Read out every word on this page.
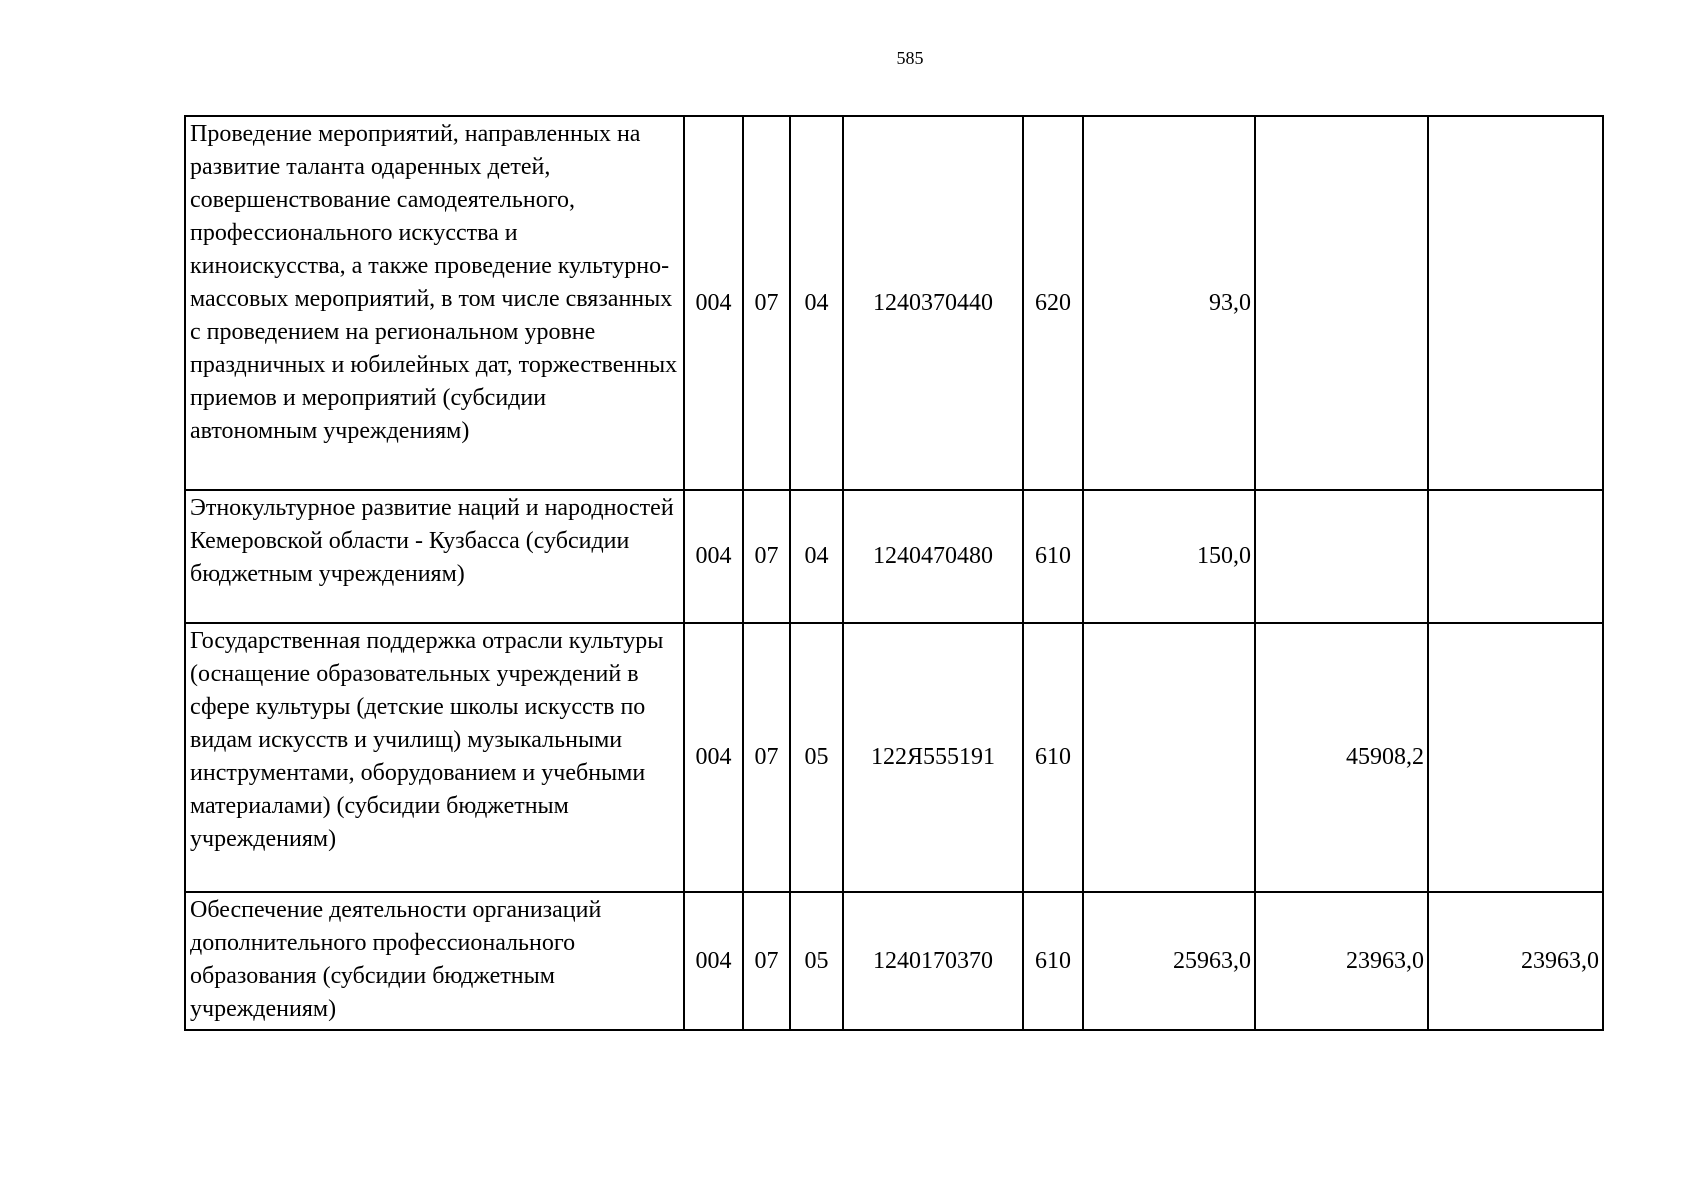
585
Проведение мероприятий, направленных на развитие таланта одаренных детей, совершенствование самодеятельного, профессионального искусства и киноискусства, а также проведение культурно-массовых мероприятий, в том числе связанных с проведением на региональном уровне праздничных и юбилейных дат, торжественных приемов и мероприятий (субсидии автономным учреждениям)	004	07	04	1240370440	620	93,0		
Этнокультурное развитие наций и народностей Кемеровской области - Кузбасса (субсидии бюджетным учреждениям)	004	07	04	1240470480	610	150,0		
Государственная поддержка отрасли культуры (оснащение образовательных учреждений в сфере культуры (детские школы искусств по видам искусств и училищ) музыкальными инструментами, оборудованием и учебными материалами) (субсидии бюджетным учреждениям)	004	07	05	122Я555191	610		45908,2	
Обеспечение деятельности организаций дополнительного профессионального образования (субсидии бюджетным учреждениям)	004	07	05	1240170370	610	25963,0	23963,0	23963,0
